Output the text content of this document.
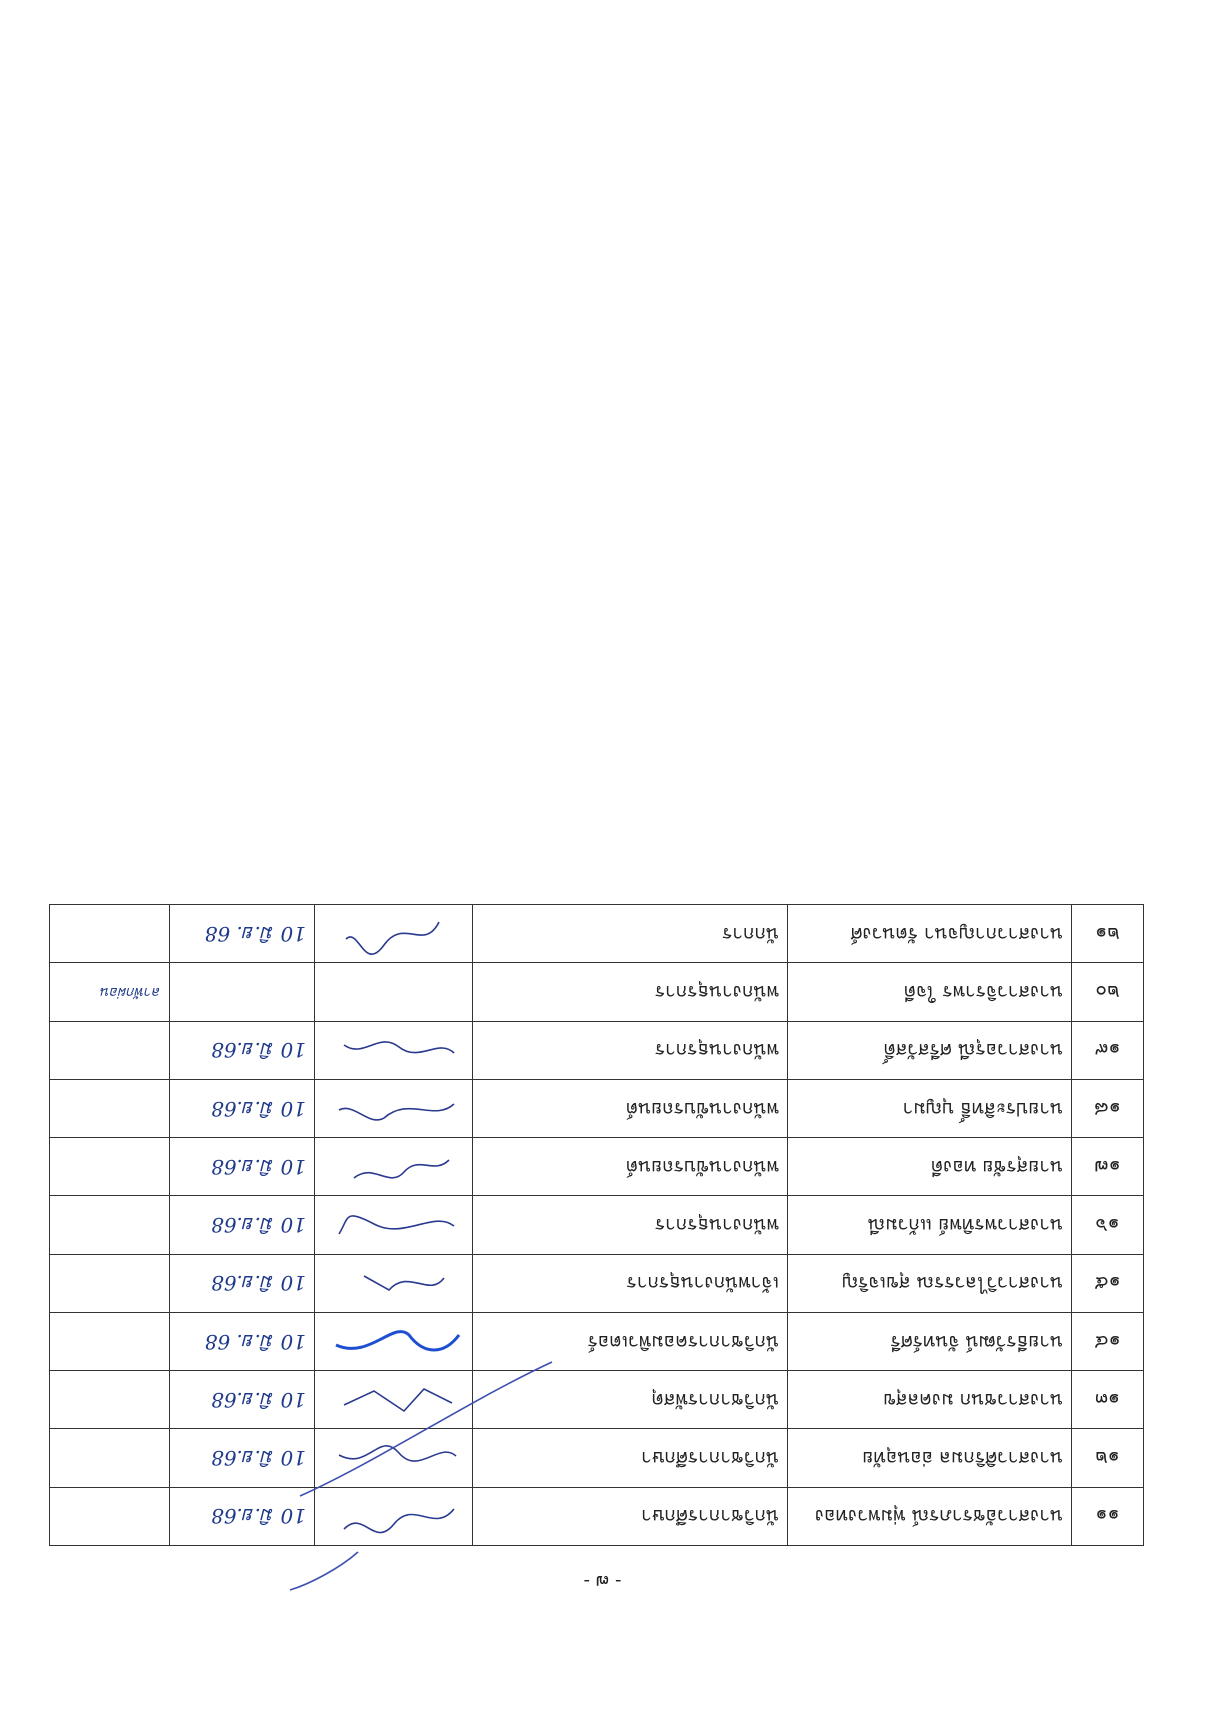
๑๑	นางสาวอัชราภรณ์ พุ่มพวงทอง	นักวิชาการศึกษา		10 มิ.ย.68	
๑๒	นางสาวศิริกมล อ่อนอุทัย	นักวิชาการศึกษา		10 มิ.ย.68	
๑๓	นางสาวชนก มงคลสุข	นักวิชาการพัสดุ		10 มิ.ย.68	
๑๔	นายธีรวัฒน์ จันทร์ศรี	นักวิชาการคอมพิวเตอร์		10 มิ.ย. 68	
๑๕	นางสาววิไลวรรณ สุขเจริญ	เจ้าพนักงานธุรการ		10 มิ.ย.68	
๑๖	นางสาวพรทิพย์ แก้วมณี	พนักงานธุรการ		10 มิ.ย.68	
๑๗	นายสุรชัย ทองดี	พนักงานขับรถยนต์		10 มิ.ย.68	
๑๘	นายประสิทธิ์ บุญมา	พนักงานขับรถยนต์		10 มิ.ย.68	
๑๙	นางสาวอรุณี ศรีสวัสดิ์	พนักงานธุรการ		10 มิ.ย.68	
๒๐	นางสาวจิราพร ใจดี	พนักงานธุรการ			ลาพักผ่อน
๒๑	นางสาวกาญจนา รัตนวงศ์	นักการ		10 มิ.ย. 68	
- ๗ -
